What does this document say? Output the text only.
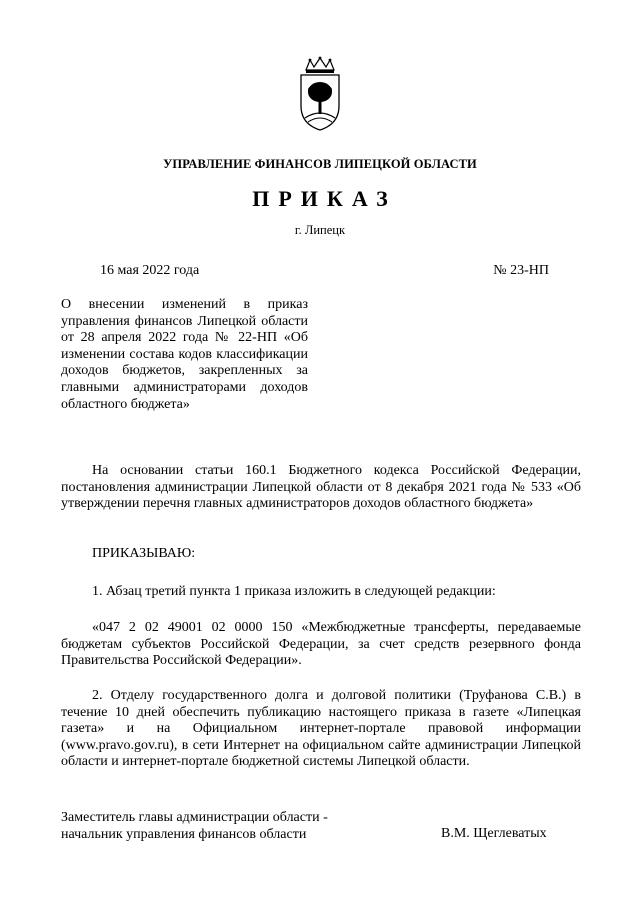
УПРАВЛЕНИЕ ФИНАНСОВ ЛИПЕЦКОЙ ОБЛАСТИ
ПРИКАЗ
г. Липецк
16 мая 2022 года	№ 23-НП
О внесении изменений в приказ управления финансов Липецкой области от 28 апреля 2022 года № 22-НП «Об изменении состава кодов классификации доходов бюджетов, закрепленных за главными администраторами доходов областного бюджета»

На основании статьи 160.1 Бюджетного кодекса Российской Федерации, постановления администрации Липецкой области от 8 декабря 2021 года № 533 «Об утверждении перечня главных администраторов доходов областного бюджета»

ПРИКАЗЫВАЮ:

1. Абзац третий пункта 1 приказа изложить в следующей редакции:

«047 2 02 49001 02 0000 150 «Межбюджетные трансферты, передаваемые бюджетам субъектов Российской Федерации, за счет средств резервного фонда Правительства Российской Федерации».

2. Отделу государственного долга и долговой политики (Труфанова С.В.) в течение 10 дней обеспечить публикацию настоящего приказа в газете «Липецкая газета» и на Официальном интернет-портале правовой информации (www.pravo.gov.ru), в сети Интернет на официальном сайте администрации Липецкой области и интернет-портале бюджетной системы Липецкой области.

Заместитель главы администрации области -
начальник управления финансов области	В.М. Щеглеватых
